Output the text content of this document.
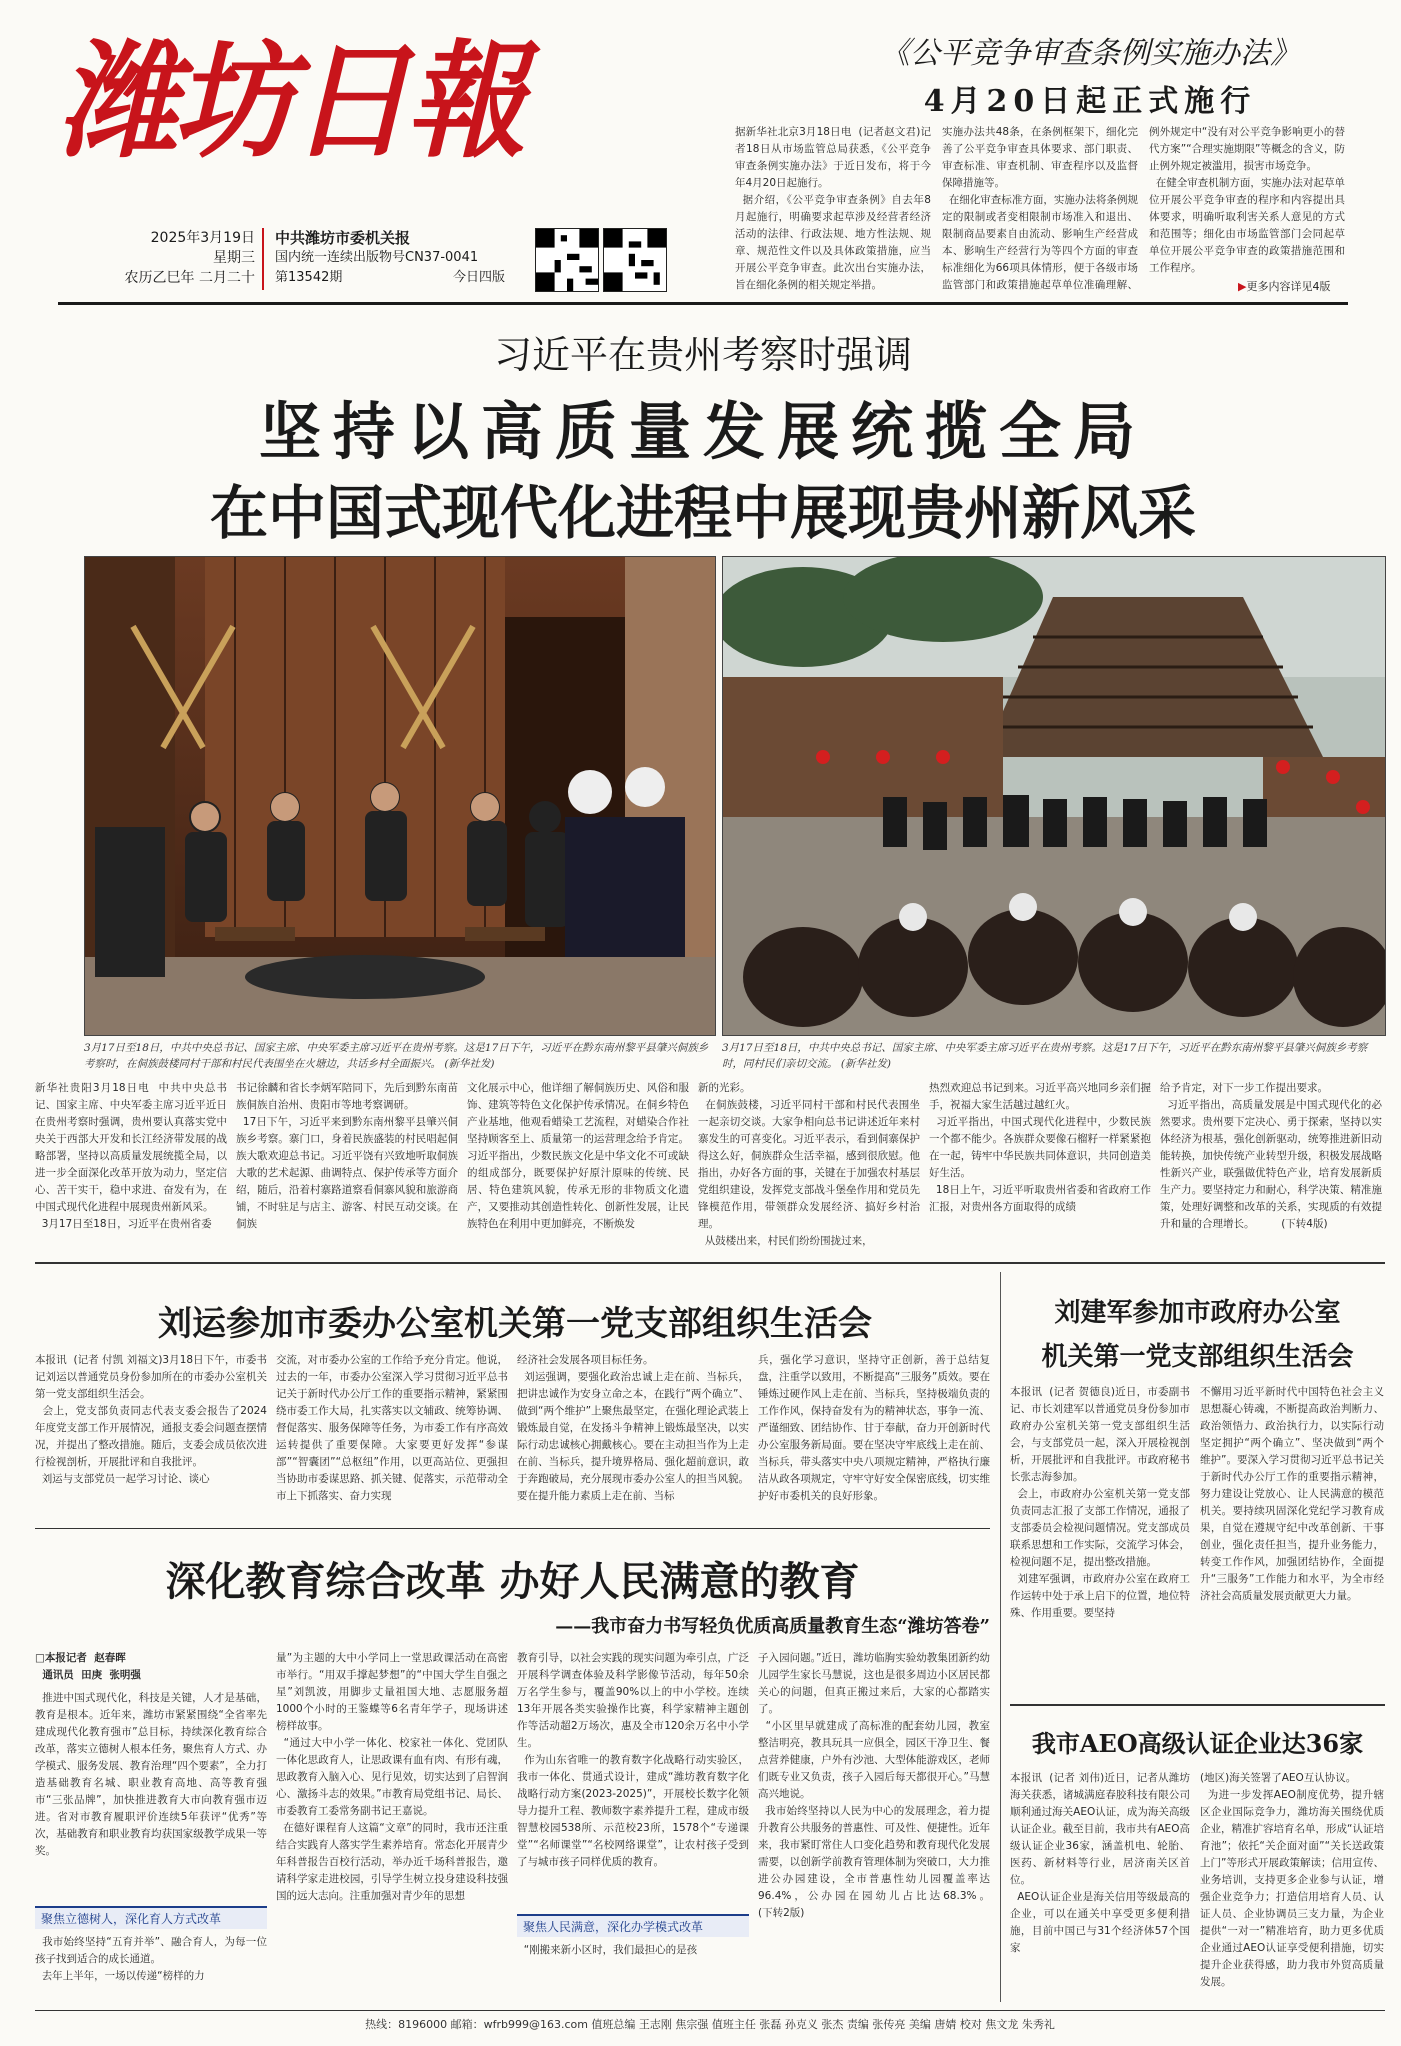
潍坊日報
2025年3月19日
星期三
农历乙巳年 二月二十
中共潍坊市委机关报
国内统一连续出版物号CN37-0041
第13542期	今日四版
《公平竞争审查条例实施办法》
4月20日起正式施行
据新华社北京3月18日电  (记者赵文君)记者18日从市场监管总局获悉，《公平竞争审查条例实施办法》于近日发布，将于今年4月20日起施行。
据介绍，《公平竞争审查条例》自去年8月起施行，明确要求起草涉及经营者经济活动的法律、行政法规、地方性法规、规章、规范性文件以及具体政策措施，应当开展公平竞争审查。此次出台实施办法，旨在细化条例的相关规定举措。
实施办法共48条，在条例框架下，细化完善了公平竞争审查具体要求、部门职责、审查标准、审查机制、审查程序以及监督保障措施等。
在细化审查标准方面，实施办法将条例规定的限制或者变相限制市场准入和退出、限制商品要素自由流动、影响生产经营成本、影响生产经营行为等四个方面的审查标准细化为66项具体情形，便于各级市场监管部门和政策措施起草单位准确理解、
例外规定中“没有对公平竞争影响更小的替代方案”“合理实施期限”等概念的含义，防止例外规定被滥用，损害市场竞争。
在健全审查机制方面，实施办法对起草单位开展公平竞争审查的程序和内容提出具体要求，明确听取利害关系人意见的方式和范围等；细化由市场监管部门会同起草单位开展公平竞争审查的政策措施范围和工作程序。
▶更多内容详见4版
习近平在贵州考察时强调
坚持以高质量发展统揽全局
在中国式现代化进程中展现贵州新风采
3月17日至18日，中共中央总书记、国家主席、中央军委主席习近平在贵州考察。这是17日下午，习近平在黔东南州黎平县肇兴侗族乡考察时，在侗族鼓楼同村干部和村民代表围坐在火塘边，共话乡村全面振兴。 (新华社发)
3月17日至18日，中共中央总书记、国家主席、中央军委主席习近平在贵州考察。这是17日下午，习近平在黔东南州黎平县肇兴侗族乡考察时，同村民们亲切交流。 (新华社发)
新华社贵阳3月18日电  中共中央总书记、国家主席、中央军委主席习近平近日在贵州考察时强调，贵州要认真落实党中央关于西部大开发和长江经济带发展的战略部署，坚持以高质量发展统揽全局，以进一步全面深化改革开放为动力，坚定信心、苦干实干，稳中求进、奋发有为，在中国式现代化进程中展现贵州新风采。
3月17日至18日，习近平在贵州省委
书记徐麟和省长李炳军陪同下，先后到黔东南苗族侗族自治州、贵阳市等地考察调研。
17日下午，习近平来到黔东南州黎平县肇兴侗族乡考察。寨门口，身着民族盛装的村民唱起侗族大歌欢迎总书记。习近平饶有兴致地听取侗族大歌的艺术起源、曲调特点、保护传承等方面介绍，随后，沿着村寨路道察看侗寨风貌和旅游商铺，不时驻足与店主、游客、村民互动交谈。在侗族
文化展示中心，他详细了解侗族历史、风俗和服饰、建筑等特色文化保护传承情况。在侗乡特色产业基地，他观看蜡染工艺流程，对蜡染合作社坚持顾客至上、质量第一的运营理念给予肯定。习近平指出，少数民族文化是中华文化不可或缺的组成部分，既要保护好原汁原味的传统、民居、特色建筑风貌，传承无形的非物质文化遗产，又要推动其创造性转化、创新性发展，让民族特色在利用中更加鲜亮，不断焕发
新的光彩。
在侗族鼓楼，习近平同村干部和村民代表围坐一起亲切交谈。大家争相向总书记讲述近年来村寨发生的可喜变化。习近平表示，看到侗寨保护得这么好，侗族群众生活幸福，感到很欣慰。他指出，办好各方面的事，关键在于加强农村基层党组织建设，发挥党支部战斗堡垒作用和党员先锋模范作用，带领群众发展经济、搞好乡村治理。
从鼓楼出来，村民们纷纷围拢过来，
热烈欢迎总书记到来。习近平高兴地同乡亲们握手，祝福大家生活越过越红火。
习近平指出，中国式现代化进程中，少数民族一个都不能少。各族群众要像石榴籽一样紧紧抱在一起，铸牢中华民族共同体意识，共同创造美好生活。
18日上午，习近平听取贵州省委和省政府工作汇报，对贵州各方面取得的成绩
给予肯定，对下一步工作提出要求。
习近平指出，高质量发展是中国式现代化的必然要求。贵州要下定决心、勇于探索，坚持以实体经济为根基，强化创新驱动，统筹推进新旧动能转换，加快传统产业转型升级，积极发展战略性新兴产业，联强做优特色产业，培育发展新质生产力。要坚持定力和耐心，科学决策、精准施策，处理好调整和改革的关系，实现质的有效提升和量的合理增长。        (下转4版)
刘运参加市委办公室机关第一党支部组织生活会
本报讯  (记者 付凯 刘福文)3月18日下午，市委书记刘运以普通党员身份参加所在的市委办公室机关第一党支部组织生活会。
会上，党支部负责同志代表支委会报告了2024年度党支部工作开展情况，通报支委会问题查摆情况，并提出了整改措施。随后，支委会成员依次进行检视剖析，开展批评和自我批评。
刘运与支部党员一起学习讨论、谈心
交流，对市委办公室的工作给予充分肯定。他说，过去的一年，市委办公室深入学习贯彻习近平总书记关于新时代办公厅工作的重要指示精神，紧紧围绕市委工作大局，扎实落实以文辅政、统筹协调、督促落实、服务保障等任务，为市委工作有序高效运转提供了重要保障。大家要更好发挥“参谋部”“智囊团”“总枢纽”作用，以更高站位、更强担当协助市委谋思路、抓关键、促落实，示范带动全市上下抓落实、奋力实现
经济社会发展各项目标任务。
刘运强调，要强化政治忠诚上走在前、当标兵，把讲忠诚作为安身立命之本，在践行“两个确立”、做到“两个维护”上聚焦最坚定，在强化理论武装上锻炼最自觉，在发扬斗争精神上锻炼最坚决，以实际行动忠诚核心拥戴核心。要在主动担当作为上走在前、当标兵，提升境界格局、强化超前意识，敢于奔跑破局，充分展现市委办公室人的担当风貌。要在提升能力素质上走在前、当标
兵，强化学习意识，坚持守正创新，善于总结复盘，注重学以致用，不断提高“三服务”质效。要在锤炼过硬作风上走在前、当标兵，坚持极端负责的工作作风，保持奋发有为的精神状态，事争一流、严谨细致、团结协作、甘于奉献，奋力开创新时代办公室服务新局面。要在坚决守牢底线上走在前、当标兵，带头落实中央八项规定精神，严格执行廉洁从政各项规定，守牢守好安全保密底线，切实维护好市委机关的良好形象。
刘建军参加市政府办公室
机关第一党支部组织生活会
本报讯  (记者 贺德良)近日，市委副书记、市长刘建军以普通党员身份参加市政府办公室机关第一党支部组织生活会，与支部党员一起，深入开展检视剖析，开展批评和自我批评。市政府秘书长张志海参加。
会上，市政府办公室机关第一党支部负责同志汇报了支部工作情况，通报了支部委员会检视问题情况。党支部成员联系思想和工作实际，交流学习体会，检视问题不足，提出整改措施。
刘建军强调，市政府办公室在政府工作运转中处于承上启下的位置，地位特殊、作用重要。要坚持
不懈用习近平新时代中国特色社会主义思想凝心铸魂，不断提高政治判断力、政治领悟力、政治执行力，以实际行动坚定拥护“两个确立”、坚决做到“两个维护”。要深入学习贯彻习近平总书记关于新时代办公厅工作的重要指示精神，努力建设让党放心、让人民满意的模范机关。要持续巩固深化党纪学习教育成果，自觉在遵规守纪中改革创新、干事创业，强化责任担当，提升业务能力，转变工作作风，加强团结协作，全面提升“三服务”工作能力和水平，为全市经济社会高质量发展贡献更大力量。
我市AEO高级认证企业达36家
本报讯  (记者 刘伟)近日，记者从潍坊海关获悉，诸城满庭春胶科技有限公司顺利通过海关AEO认证，成为海关高级认证企业。截至目前，我市共有AEO高级认证企业36家，涵盖机电、轮胎、医药、新材料等行业，居济南关区首位。
AEO认证企业是海关信用等级最高的企业，可以在通关中享受更多便利措施，目前中国已与31个经济体57个国家
(地区)海关签署了AEO互认协议。
为进一步发挥AEO制度优势，提升辖区企业国际竞争力，潍坊海关围绕优质企业，精准扩容培育名单，形成“认证培育池”；依托“关企面对面”“关长送政策上门”等形式开展政策解读；信用宣传、业务培训，支持更多企业参与认证，增强企业竞争力；打造信用培育人员、认证人员、企业协调员三支力量，为企业提供“一对一”精准培育，助力更多优质企业通过AEO认证享受便利措施，切实提升企业获得感，助力我市外贸高质量发展。
深化教育综合改革 办好人民满意的教育
——我市奋力书写轻负优质高质量教育生态“潍坊答卷”
□本报记者  赵春晖
通讯员  田庚  张明强
推进中国式现代化，科技是关键，人才是基础，教育是根本。近年来，潍坊市紧紧围绕“全省率先建成现代化教育强市”总目标，持续深化教育综合改革，落实立德树人根本任务，聚焦育人方式、办学模式、服务发展、教育治理“四个要素”，全力打造基础教育名城、职业教育高地、高等教育强市“三张品牌”，加快推进教育大市向教育强市迈进。省对市教育履职评价连续5年获评“优秀”等次，基础教育和职业教育均获国家级教学成果一等奖。
聚焦立德树人，深化育人方式改革
我市始终坚持“五育并举”、融合育人，为每一位孩子找到适合的成长通道。
去年上半年，一场以传递“榜样的力
量”为主题的大中小学同上一堂思政课活动在高密市举行。“用双手撑起梦想”的“中国大学生自强之星”刘凯波，用脚步丈量祖国大地、志愿服务超1000个小时的王鉴蝶等6名青年学子，现场讲述榜样故事。
“通过大中小学一体化、校家社一体化、党团队一体化思政育人，让思政课有血有肉、有形有魂，思政教育入脑入心、见行见效，切实达到了启智润心、激扬斗志的效果。”市教育局党组书记、局长、市委教育工委常务副书记王嘉说。
在德好课程育人这篇“文章”的同时，我市还注重结合实践育人落实学生素养培育。常态化开展青少年科普报告百校行活动，举办近千场科普报告，邀请科学家走进校园，引导学生树立投身建设科技强国的远大志向。注重加强对青少年的思想
教育引导，以社会实践的现实问题为牵引点，广泛开展科学调查体验及科学影像节活动，每年50余万名学生参与，覆盖90%以上的中小学校。连续13年开展各类实验操作比赛，科学家精神主题创作等活动超2万场次，惠及全市120余万名中小学生。
作为山东省唯一的教育数字化战略行动实验区，我市一体化、贯通式设计，建成“潍坊教育数字化战略行动方案(2023-2025)”，开展校长数字化领导力提升工程、教师数字素养提升工程，建成市级智慧校园538所、示范校23所，1578个“专递课堂”“名师课堂”“名校网络课堂”，让农村孩子受到了与城市孩子同样优质的教育。
聚焦人民满意，深化办学模式改革
“刚搬来新小区时，我们最担心的是孩
子入园问题。”近日，潍坊临朐实验幼教集团新约幼儿园学生家长马慧说，这也是很多周边小区居民都关心的问题，但真正搬过来后，大家的心都踏实了。
“小区里早就建成了高标准的配套幼儿园，教室整洁明亮，教具玩具一应俱全，园区干净卫生、餐点营养健康，户外有沙池、大型体能游戏区，老师们既专业又负责，孩子入园后每天都很开心。”马慧高兴地说。
我市始终坚持以人民为中心的发展理念，着力提升教育公共服务的普惠性、可及性、便捷性。近年来，我市紧盯常住人口变化趋势和教育现代化发展需要，以创新学前教育管理体制为突破口，大力推进公办园建设，全市普惠性幼儿园覆盖率达96.4%，公办园在园幼儿占比达68.3%。               (下转2版)
热线：8196000 邮箱：wfrb999@163.com 值班总编 王志刚 焦宗强 值班主任 张磊 孙克义 张杰 责编 张传亮 美编 唐婧 校对 焦文龙 朱秀礼
